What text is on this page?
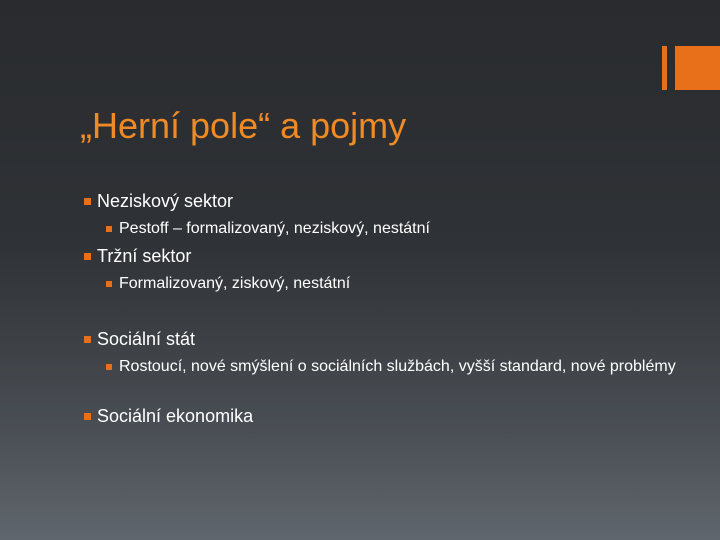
„Herní pole“ a pojmy
Neziskový sektor
Pestoff – formalizovaný, neziskový, nestátní
Tržní sektor
Formalizovaný, ziskový, nestátní
Sociální stát
Rostoucí, nové smýšlení o sociálních službách, vyšší standard, nové problémy
Sociální ekonomika
